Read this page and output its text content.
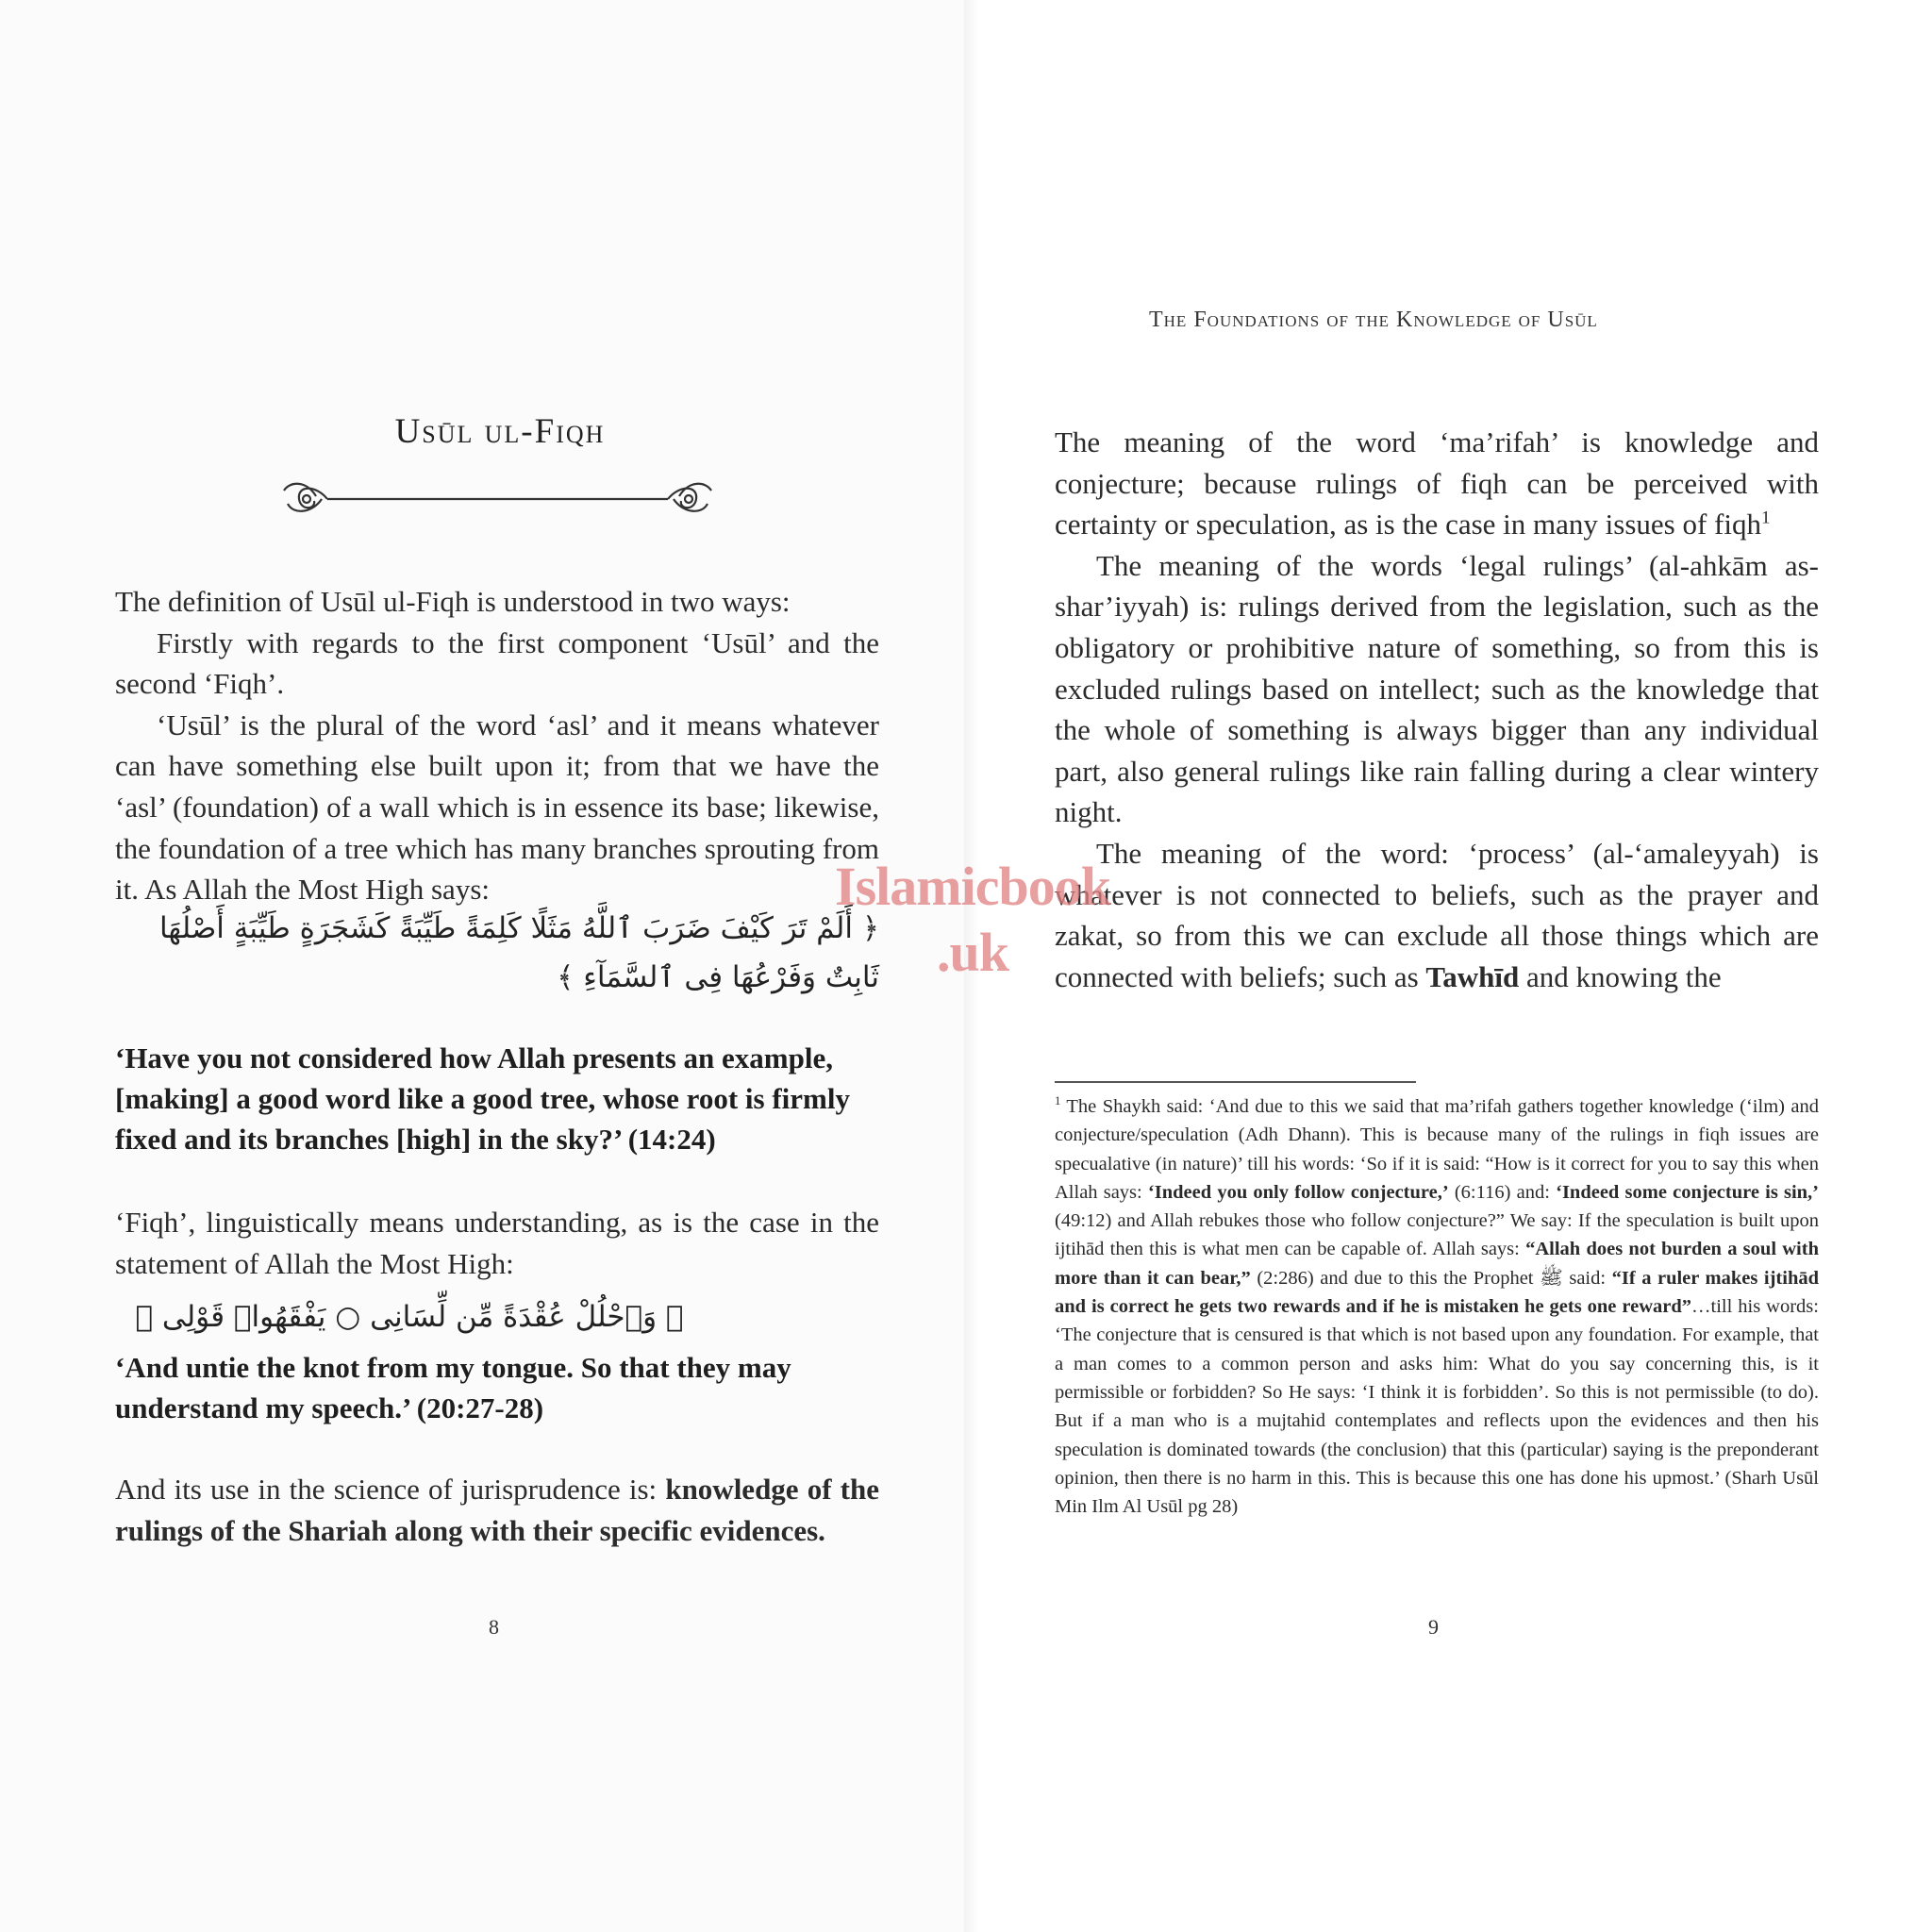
The Foundations of the Knowledge of Usūl
Usūl ul-Fiqh

The definition of Usūl ul-Fiqh is understood in two ways:

Firstly with regards to the first component ‘Usūl’ and the second ‘Fiqh’.

‘Usūl’ is the plural of the word ‘asl’ and it means whatever can have something else built upon it; from that we have the ‘asl’ (foundation) of a wall which is in essence its base; likewise, the foundation of a tree which has many branches sprouting from it. As Allah the Most High says:

﴿ أَلَمْ تَرَ كَيْفَ ضَرَبَ ٱللَّهُ مَثَلًا كَلِمَةً طَيِّبَةً كَشَجَرَةٍ طَيِّبَةٍ أَصْلُهَا ثَابِتٌ وَفَرْعُهَا فِى ٱلسَّمَآءِ ﴾

‘Have you not considered how Allah presents an example, [making] a good word like a good tree, whose root is firmly fixed and its branches [high] in the sky?’ (14:24)

‘Fiqh’, linguistically means understanding, as is the case in the statement of Allah the Most High:

﴿ وَٱحْلُلْ عُقْدَةً مِّن لِّسَانِى ○ يَفْقَهُوا۟ قَوْلِى ﴾

‘And untie the knot from my tongue. So that they may understand my speech.’ (20:27-28)

And its use in the science of jurisprudence is: knowledge of the rulings of the Shariah along with their specific evidences.

8

The meaning of the word ‘ma’rifah’ is knowledge and conjecture; because rulings of fiqh can be perceived with certainty or speculation, as is the case in many issues of fiqh$^1$

The meaning of the words ‘legal rulings’ (al-ahkām as-shar’iyyah) is: rulings derived from the legislation, such as the obligatory or prohibitive nature of something, so from this is excluded rulings based on intellect; such as the knowledge that the whole of something is always bigger than any individual part, also general rulings like rain falling during a clear wintery night.

The meaning of the word: ‘process’ (al-‘amaleyyah) is whatever is not connected to beliefs, such as the prayer and zakat, so from this we can exclude all those things which are connected with beliefs; such as Tawhīd and knowing the

$^1$ The Shaykh said: ‘And due to this we said that ma’rifah gathers together knowledge (‘ilm) and conjecture/speculation (Adh Dhann). This is because many of the rulings in fiqh issues are specualative (in nature)’ till his words: ‘So if it is said: “How is it correct for you to say this when Allah says: ‘Indeed you only follow conjecture,’ (6:116) and: ‘Indeed some conjecture is sin,’ (49:12) and Allah rebukes those who follow conjecture?” We say: If the speculation is built upon ijtihād then this is what men can be capable of. Allah says: “Allah does not burden a soul with more than it can bear,” (2:286) and due to this the Prophet ﷺ said: “If a ruler makes ijtihād and is correct he gets two rewards and if he is mistaken he gets one reward”…till his words: ‘The conjecture that is censured is that which is not based upon any foundation. For example, that a man comes to a common person and asks him: What do you say concerning this, is it permissible or forbidden? So He says: ‘I think it is forbidden’. So this is not permissible (to do). But if a man who is a mujtahid contemplates and reflects upon the evidences and then his speculation is dominated towards (the conclusion) that this (particular) saying is the preponderant opinion, then there is no harm in this. This is because this one has done his upmost.’ (Sharh Usūl Min Ilm Al Usūl pg 28)

9
Islamicbook
.uk
